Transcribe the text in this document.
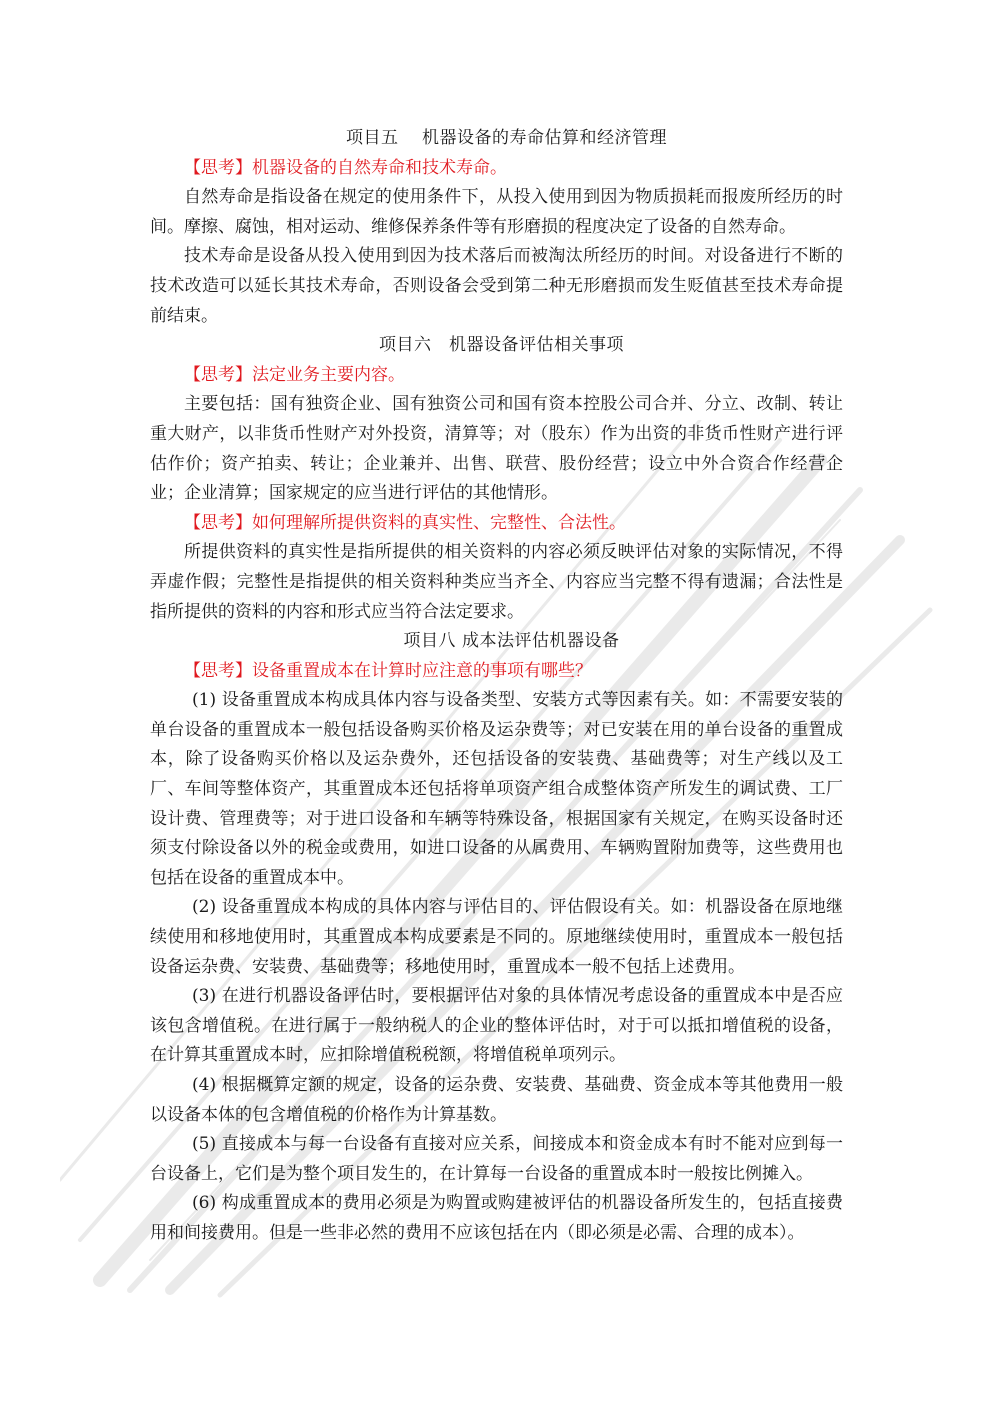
项目五　 机器设备的寿命估算和经济管理

【思考】机器设备的自然寿命和技术寿命。

自然寿命是指设备在规定的使用条件下，从投入使用到因为物质损耗而报废所经历的时间。摩擦、腐蚀，相对运动、维修保养条件等有形磨损的程度决定了设备的自然寿命。

技术寿命是设备从投入使用到因为技术落后而被淘汰所经历的时间。对设备进行不断的技术改造可以延长其技术寿命，否则设备会受到第二种无形磨损而发生贬值甚至技术寿命提前结束。

项目六　机器设备评估相关事项

【思考】法定业务主要内容。

主要包括：国有独资企业、国有独资公司和国有资本控股公司合并、分立、改制、转让重大财产，以非货币性财产对外投资，清算等；对（股东）作为出资的非货币性财产进行评估作价；资产拍卖、转让；企业兼并、出售、联营、股份经营；设立中外合资合作经营企业；企业清算；国家规定的应当进行评估的其他情形。

【思考】如何理解所提供资料的真实性、完整性、合法性。

所提供资料的真实性是指所提供的相关资料的内容必须反映评估对象的实际情况，不得弄虚作假；完整性是指提供的相关资料种类应当齐全、内容应当完整不得有遗漏；合法性是指所提供的资料的内容和形式应当符合法定要求。

项目八 成本法评估机器设备

【思考】设备重置成本在计算时应注意的事项有哪些？

(1) 设备重置成本构成具体内容与设备类型、安装方式等因素有关。如：不需要安装的单台设备的重置成本一般包括设备购买价格及运杂费等；对已安装在用的单台设备的重置成本，除了设备购买价格以及运杂费外，还包括设备的安装费、基础费等；对生产线以及工厂、车间等整体资产，其重置成本还包括将单项资产组合成整体资产所发生的调试费、工厂设计费、管理费等；对于进口设备和车辆等特殊设备，根据国家有关规定，在购买设备时还须支付除设备以外的税金或费用，如进口设备的从属费用、车辆购置附加费等，这些费用也包括在设备的重置成本中。

(2) 设备重置成本构成的具体内容与评估目的、评估假设有关。如：机器设备在原地继续使用和移地使用时，其重置成本构成要素是不同的。原地继续使用时，重置成本一般包括设备运杂费、安装费、基础费等；移地使用时，重置成本一般不包括上述费用。

(3) 在进行机器设备评估时，要根据评估对象的具体情况考虑设备的重置成本中是否应该包含增值税。在进行属于一般纳税人的企业的整体评估时，对于可以抵扣增值税的设备，在计算其重置成本时，应扣除增值税税额，将增值税单项列示。

(4) 根据概算定额的规定，设备的运杂费、安装费、基础费、资金成本等其他费用一般以设备本体的包含增值税的价格作为计算基数。

(5) 直接成本与每一台设备有直接对应关系，间接成本和资金成本有时不能对应到每一台设备上，它们是为整个项目发生的，在计算每一台设备的重置成本时一般按比例摊入。

(6) 构成重置成本的费用必须是为购置或购建被评估的机器设备所发生的，包括直接费用和间接费用。但是一些非必然的费用不应该包括在内（即必须是必需、合理的成本）。
